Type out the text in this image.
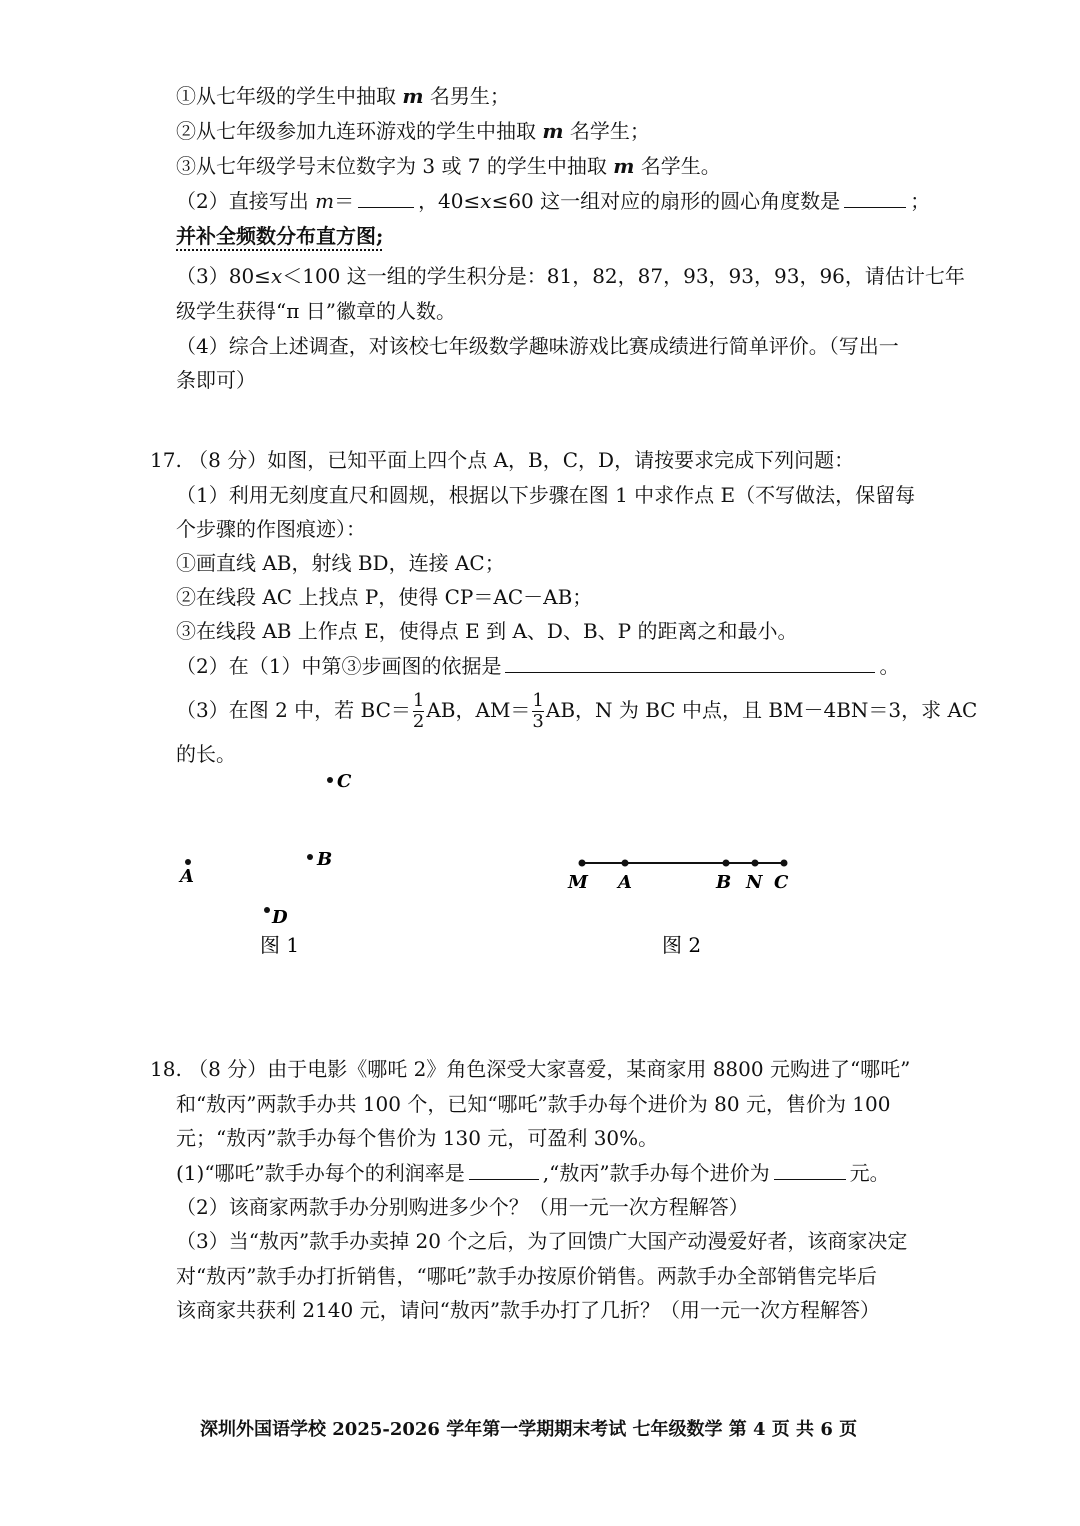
①从七年级的学生中抽取 m 名男生；
②从七年级参加九连环游戏的学生中抽取 m 名学生；
③从七年级学号末位数字为 3 或 7 的学生中抽取 m 名学生。
（2）直接写出 m＝	，40≤x≤60 这一组对应的扇形的圆心角度数是	；
并补全频数分布直方图;
（3）80≤x＜100 这一组的学生积分是：81，82，87，93，93，93，96，请估计七年
级学生获得“π 日”徽章的人数。
（4）综合上述调查，对该校七年级数学趣味游戏比赛成绩进行简单评价。（写出一
条即可）
17. （8 分）如图，已知平面上四个点 A，B，C，D，请按要求完成下列问题：
（1）利用无刻度直尺和圆规，根据以下步骤在图 1 中求作点 E（不写做法，保留每
个步骤的作图痕迹）：
①画直线 AB，射线 BD，连接 AC；
②在线段 AC 上找点 P，使得 CP＝AC－AB；
③在线段 AB 上作点 E，使得点 E 到 A、D、B、P 的距离之和最小。
（2）在（1）中第③步画图的依据是	。
（3）在图 2 中，若 $BC= \frac{1}{2}$ AB，$AM= \frac{1}{3}$ AB，N 为 BC 中点，且 BM－4BN＝3，求 AC
的长。
C
A
B
D
图 1
M A	B N C
图 2
18. （8 分）由于电影《哪吒 2》角色深受大家喜爱，某商家用 8800 元购进了“哪吒”
和“敖丙”两款手办共 100 个，已知“哪吒”款手办每个进价为 80 元，售价为 100
元；“敖丙”款手办每个售价为 130 元，可盈利 30%。
(1)“哪吒”款手办每个的利润率是	,“敖丙”款手办每个进价为	元。
（2）该商家两款手办分别购进多少个？（用一元一次方程解答）
（3）当“敖丙”款手办卖掉 20 个之后，为了回馈广大国产动漫爱好者，该商家决定
对“敖丙”款手办打折销售，“哪吒”款手办按原价销售。两款手办全部销售完毕后
该商家共获利 2140 元，请问“敖丙”款手办打了几折？（用一元一次方程解答）
深圳外国语学校 2025-2026 学年第一学期期末考试 七年级数学 第 4 页 共 6 页
